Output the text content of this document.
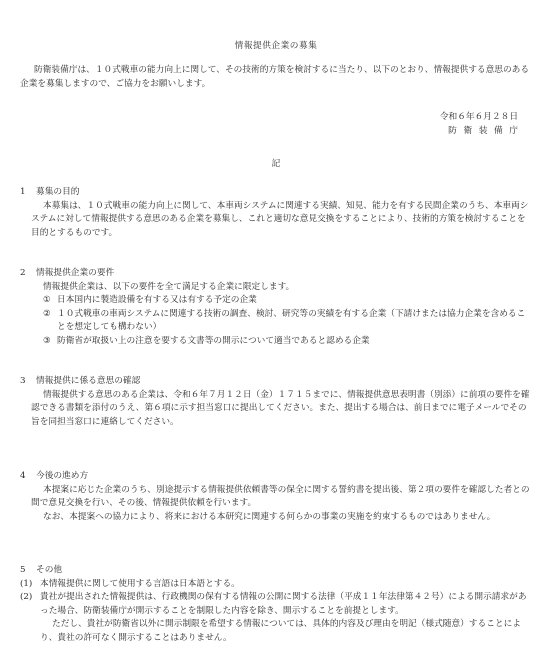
情報提供企業の募集
防衛装備庁は、１０式戦車の能力向上に関して、その技術的方策を検討するに当たり、以下のとおり、情報提供する意思のある企業を募集しますので、ご協力をお願いします。
令和６年６月２８日
防衛装備庁
記
1 募集の目的
本募集は、１０式戦車の能力向上に関して、本車両システムに関連する実績、知見、能力を有する民間企業のうち、本車両システムに対して情報提供する意思のある企業を募集し、これと適切な意見交換をすることにより、技術的方策を検討することを目的とするものです。
2 情報提供企業の要件
情報提供企業は、以下の要件を全て満足する企業に限定します。
① 日本国内に製造設備を有する又は有する予定の企業
② １０式戦車の車両システムに関連する技術の調査、検討、研究等の実績を有する企業（下請けまたは協力企業を含めることを想定しても構わない）
③ 防衛省が取扱い上の注意を要する文書等の開示について適当であると認める企業
3 情報提供に係る意思の確認
情報提供する意思のある企業は、令和６年７月１２日（金）１７１５までに、情報提供意思表明書（別添）に前項の要件を確認できる書類を添付のうえ、第６項に示す担当窓口に提出してください。また、提出する場合は、前日までに電子メールでその旨を同担当窓口に連絡してください。
4 今後の進め方
本提案に応じた企業のうち、別途提示する情報提供依頼書等の保全に関する誓約書を提出後、第２項の要件を確認した者との間で意見交換を行い、その後、情報提供依頼を行います。
なお、本提案への協力により、将来における本研究に関連する何らかの事業の実施を約束するものではありません。
5 その他
(1) 本情報提供に関して使用する言語は日本語とする。
(2) 貴社が提出された情報提供は、行政機関の保有する情報の公開に関する法律（平成１１年法律第４２号）による開示請求があった場合、防衛装備庁が開示することを制限した内容を除き、開示することを前提とします。
ただし、貴社が防衛省以外に開示制限を希望する情報については、具体的内容及び理由を明記（様式随意）することにより、貴社の許可なく開示することはありません。
